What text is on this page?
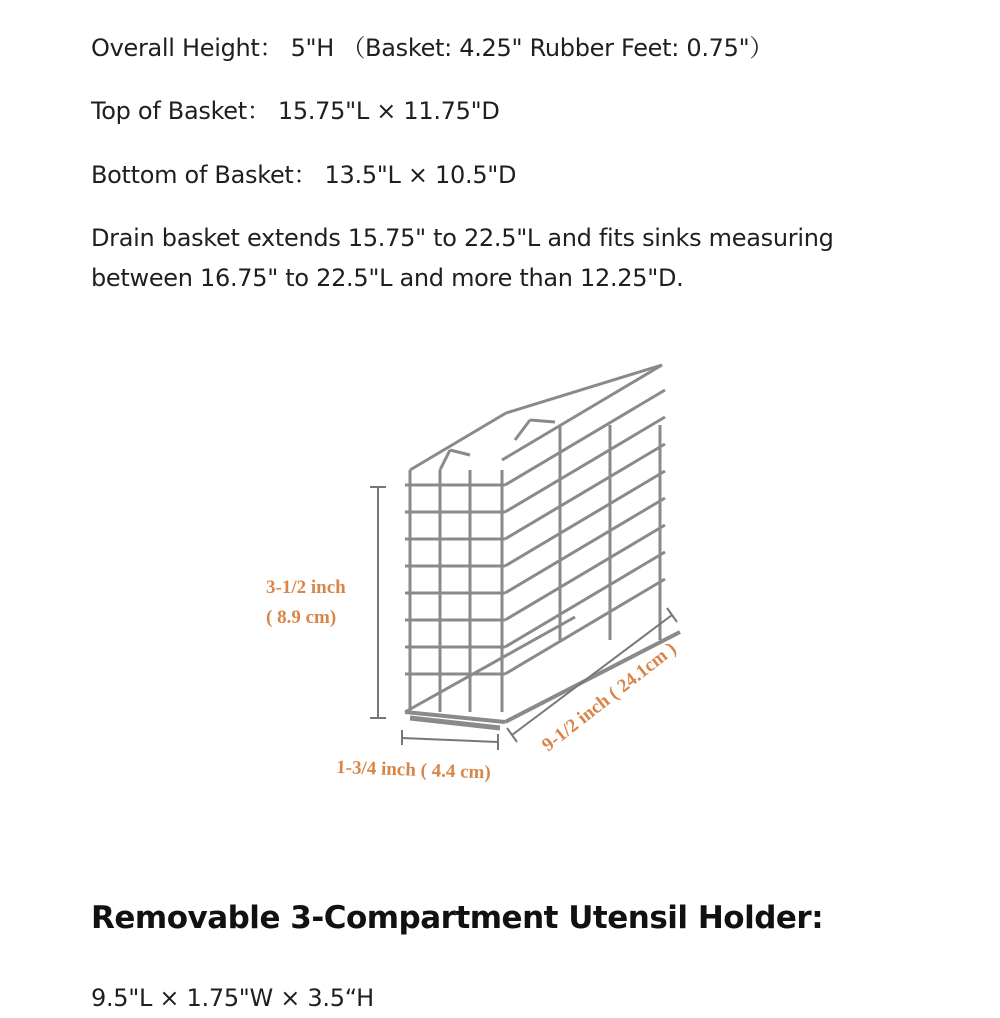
Overall Height： 5"H （Basket: 4.25" Rubber Feet: 0.75"）

Top of Basket： 15.75"L × 11.75"D

Bottom of Basket： 13.5"L × 10.5"D

Drain basket extends 15.75" to 22.5"L and fits sinks measuring between 16.75" to 22.5"L and more than 12.25"D.

3-1/2 inch
( 8.9 cm)
1-3/4 inch ( 4.4 cm)
9-1/2 inch ( 24.1cm )
Removable 3-Compartment Utensil Holder:

9.5"L × 1.75"W × 3.5“H
